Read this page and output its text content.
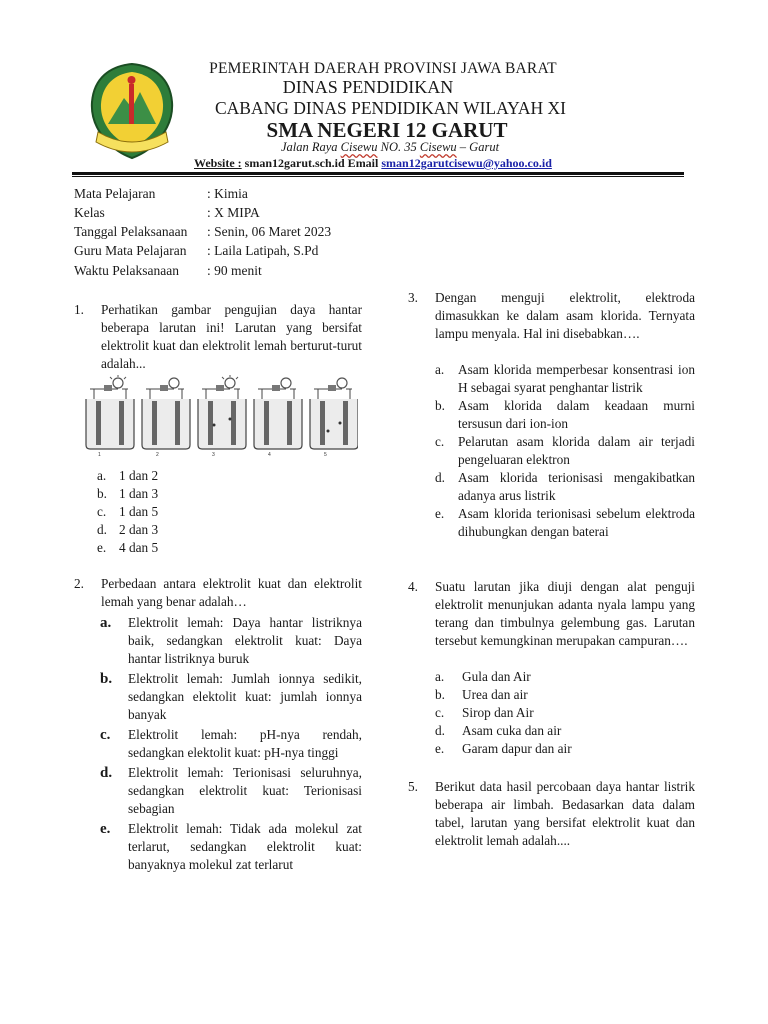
PEMERINTAH DAERAH PROVINSI JAWA BARAT
DINAS PENDIDIKAN
CABANG DINAS PENDIDIKAN WILAYAH XI
SMA NEGERI 12 GARUT
Jalan Raya Cisewu NO. 35 Cisewu – Garut
Website : sman12garut.sch.id Email sman12garutcisewu@yahoo.co.id
Mata Pelajaran	: Kimia
Kelas	: X MIPA
Tanggal Pelaksanaan : Senin, 06 Maret 2023
Guru Mata Pelajaran : Laila Latipah, S.Pd
Waktu Pelaksanaan : 90 menit
1. Perhatikan gambar pengujian daya hantar beberapa larutan ini! Larutan yang bersifat elektrolit kuat dan elektrolit lemah berturut-turut adalah...
1	2	3	4	5
a. 1 dan 2
b. 1 dan 3
c. 1 dan 5
d. 2 dan 3
e. 4 dan 5
2. Perbedaan antara elektrolit kuat dan elektrolit lemah yang benar adalah…
a.	Elektrolit lemah: Daya hantar listriknya baik, sedangkan elektrolit kuat: Daya hantar listriknya buruk
b.	Elektrolit lemah: Jumlah ionnya sedikit, sedangkan elektolit kuat: jumlah ionnya banyak
c.	Elektrolit lemah: pH-nya rendah, sedangkan elektolit kuat: pH-nya tinggi
d.	Elektrolit lemah: Terionisasi seluruhnya, sedangkan elektrolit kuat: Terionisasi sebagian
e.	Elektrolit lemah: Tidak ada molekul zat terlarut, sedangkan elektrolit kuat: banyaknya molekul zat terlarut
3. Dengan menguji elektrolit, elektroda dimasukkan ke dalam asam klorida. Ternyata lampu menyala. Hal ini disebabkan….
a.	Asam klorida memperbesar konsentrasi ion H sebagai syarat penghantar listrik
b. Asam klorida dalam keadaan murni tersusun dari ion-ion
c.	Pelarutan asam klorida dalam air terjadi pengeluaran elektron
d. Asam klorida terionisasi mengakibatkan adanya arus listrik
e.	Asam klorida terionisasi sebelum elektroda dihubungkan dengan baterai
4. Suatu larutan jika diuji dengan alat penguji elektrolit menunjukan adanta nyala lampu yang terang dan timbulnya gelembung gas. Larutan tersebut kemungkinan merupakan campuran….
a.	Gula dan Air
b.	Urea dan air
c.	Sirop dan Air
d.	Asam cuka dan air
e.	Garam dapur dan air
5. Berikut data hasil percobaan daya hantar listrik beberapa air limbah. Bedasarkan data dalam tabel, larutan yang bersifat elektrolit kuat dan elektrolit lemah adalah....
